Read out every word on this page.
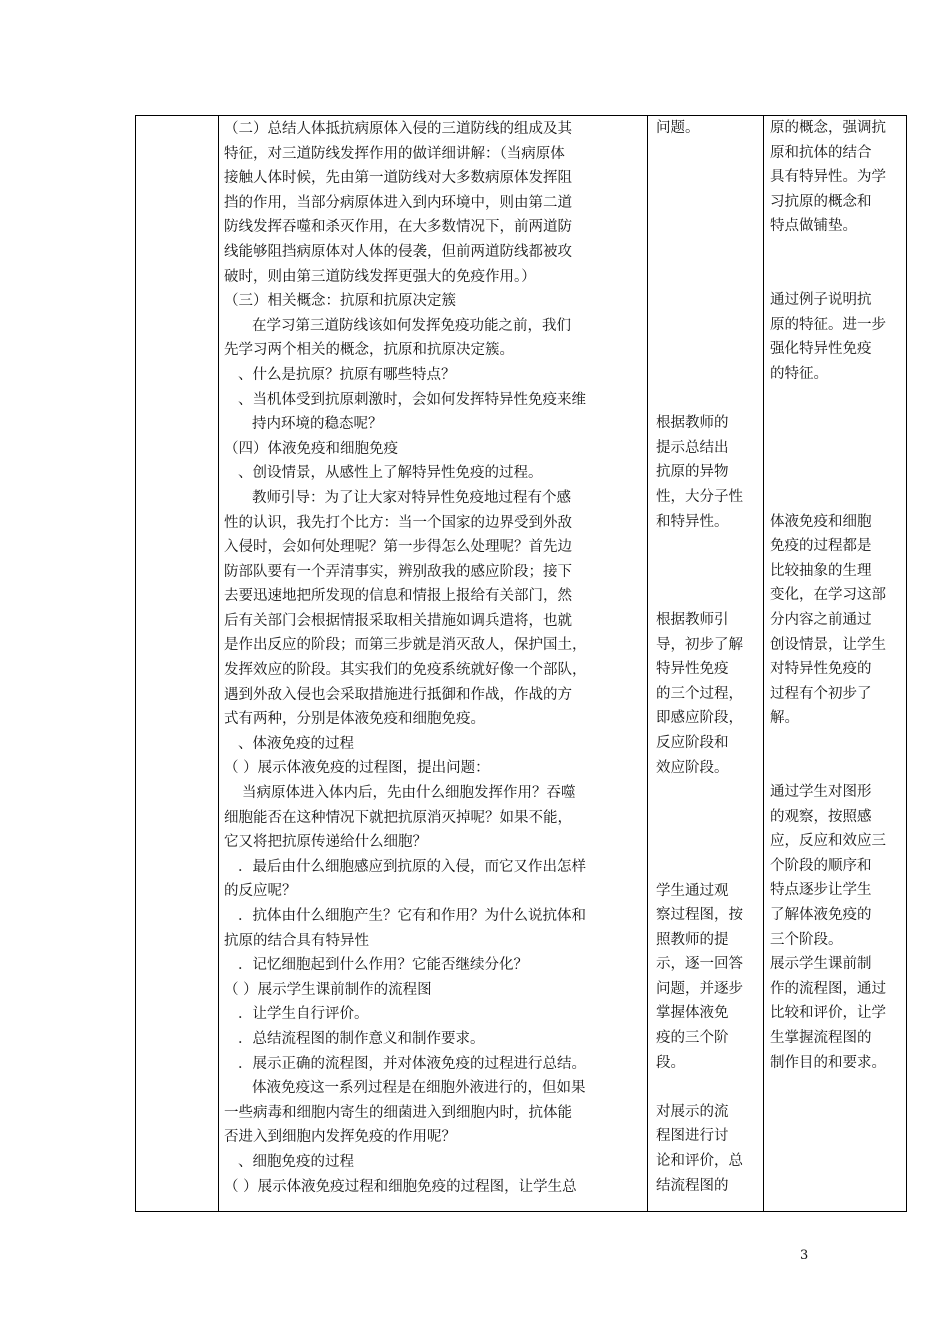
（二）总结人体抵抗病原体入侵的三道防线的组成及其
特征，对三道防线发挥作用的做详细讲解：（当病原体
接触人体时候，先由第一道防线对大多数病原体发挥阻
挡的作用，当部分病原体进入到内环境中，则由第二道
防线发挥吞噬和杀灭作用，在大多数情况下，前两道防
线能够阻挡病原体对人体的侵袭，但前两道防线都被攻
破时，则由第三道防线发挥更强大的免疫作用。）
（三）相关概念：抗原和抗原决定簇
在学习第三道防线该如何发挥免疫功能之前，我们
先学习两个相关的概念，抗原和抗原决定簇。
、什么是抗原？抗原有哪些特点？
、当机体受到抗原刺激时，会如何发挥特异性免疫来维
持内环境的稳态呢？
（四）体液免疫和细胞免疫
、创设情景，从感性上了解特异性免疫的过程。
教师引导：为了让大家对特异性免疫地过程有个感
性的认识，我先打个比方：当一个国家的边界受到外敌
入侵时，会如何处理呢？第一步得怎么处理呢？首先边
防部队要有一个弄清事实，辨别敌我的感应阶段；接下
去要迅速地把所发现的信息和情报上报给有关部门，然
后有关部门会根据情报采取相关措施如调兵遣将，也就
是作出反应的阶段；而第三步就是消灭敌人，保护国土，
发挥效应的阶段。其实我们的免疫系统就好像一个部队，
遇到外敌入侵也会采取措施进行抵御和作战，作战的方
式有两种，分别是体液免疫和细胞免疫。
、体液免疫的过程
（ ）展示体液免疫的过程图，提出问题：
当病原体进入体内后，先由什么细胞发挥作用？吞噬
细胞能否在这种情况下就把抗原消灭掉呢？如果不能，
它又将把抗原传递给什么细胞？
．最后由什么细胞感应到抗原的入侵，而它又作出怎样
的反应呢？
．抗体由什么细胞产生？它有和作用？为什么说抗体和
抗原的结合具有特异性
．记忆细胞起到什么作用？它能否继续分化？
（ ）展示学生课前制作的流程图
．让学生自行评价。
．总结流程图的制作意义和制作要求。
．展示正确的流程图，并对体液免疫的过程进行总结。
体液免疫这一系列过程是在细胞外液进行的，但如果
一些病毒和细胞内寄生的细菌进入到细胞内时，抗体能
否进入到细胞内发挥免疫的作用呢？
、细胞免疫的过程
（ ）展示体液免疫过程和细胞免疫的过程图，让学生总
问题。
根据教师的
提示总结出
抗原的异物
性，大分子性
和特异性。
根据教师引
导，初步了解
特异性免疫
的三个过程，
即感应阶段，
反应阶段和
效应阶段。
学生通过观
察过程图，按
照教师的提
示，逐一回答
问题，并逐步
掌握体液免
疫的三个阶
段。
对展示的流
程图进行讨
论和评价，总
结流程图的
原的概念，强调抗
原和抗体的结合
具有特异性。为学
习抗原的概念和
特点做铺垫。
通过例子说明抗
原的特征。进一步
强化特异性免疫
的特征。
体液免疫和细胞
免疫的过程都是
比较抽象的生理
变化，在学习这部
分内容之前通过
创设情景，让学生
对特异性免疫的
过程有个初步了
解。
通过学生对图形
的观察，按照感
应，反应和效应三
个阶段的顺序和
特点逐步让学生
了解体液免疫的
三个阶段。
展示学生课前制
作的流程图，通过
比较和评价，让学
生掌握流程图的
制作目的和要求。
3
